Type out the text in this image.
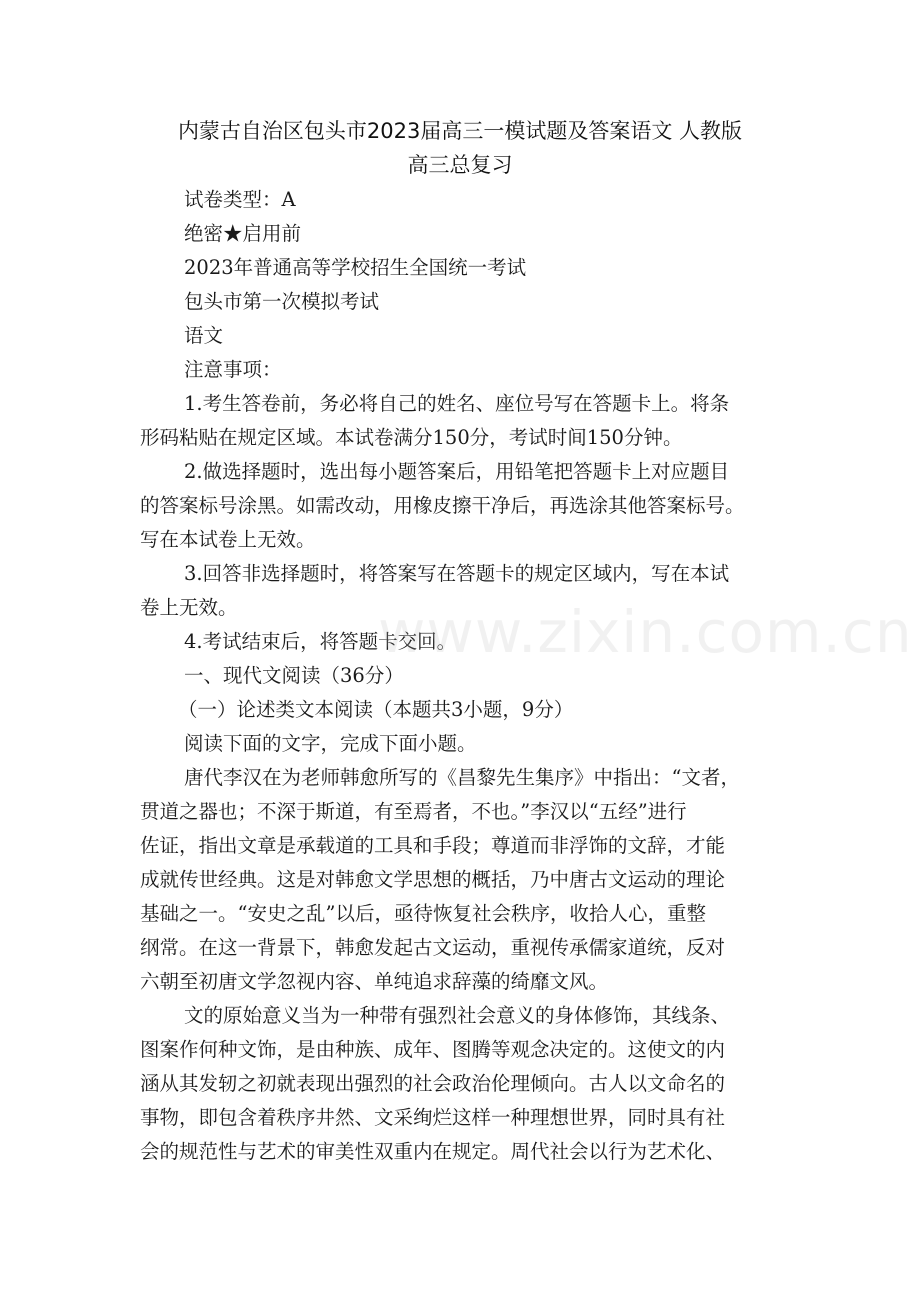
内蒙古自治区包头市2023届高三一模试题及答案语文 人教版
高三总复习
试卷类型：A
绝密★启用前
2023年普通高等学校招生全国统一考试
包头市第一次模拟考试
语文
注意事项：
1.考生答卷前，务必将自己的姓名、座位号写在答题卡上。将条
形码粘贴在规定区域。本试卷满分150分，考试时间150分钟。
2.做选择题时，选出每小题答案后，用铅笔把答题卡上对应题目
的答案标号涂黑。如需改动，用橡皮擦干净后，再选涂其他答案标号。
写在本试卷上无效。
3.回答非选择题时，将答案写在答题卡的规定区域内，写在本试
卷上无效。
4.考试结束后，将答题卡交回。
一、现代文阅读（36分）
（一）论述类文本阅读（本题共3小题，9分）
阅读下面的文字，完成下面小题。
唐代李汉在为老师韩愈所写的《昌黎先生集序》中指出：“文者，
贯道之器也；不深于斯道，有至焉者，不也。”李汉以“五经”进行
佐证，指出文章是承载道的工具和手段；尊道而非浮饰的文辞，才能
成就传世经典。这是对韩愈文学思想的概括，乃中唐古文运动的理论
基础之一。“安史之乱”以后，亟待恢复社会秩序，收拾人心，重整
纲常。在这一背景下，韩愈发起古文运动，重视传承儒家道统，反对
六朝至初唐文学忽视内容、单纯追求辞藻的绮靡文风。
文的原始意义当为一种带有强烈社会意义的身体修饰，其线条、
图案作何种文饰，是由种族、成年、图腾等观念决定的。这使文的内
涵从其发轫之初就表现出强烈的社会政治伦理倾向。古人以文命名的
事物，即包含着秩序井然、文采绚烂这样一种理想世界，同时具有社
会的规范性与艺术的审美性双重内在规定。周代社会以行为艺术化、
www.zixin.com.cn
